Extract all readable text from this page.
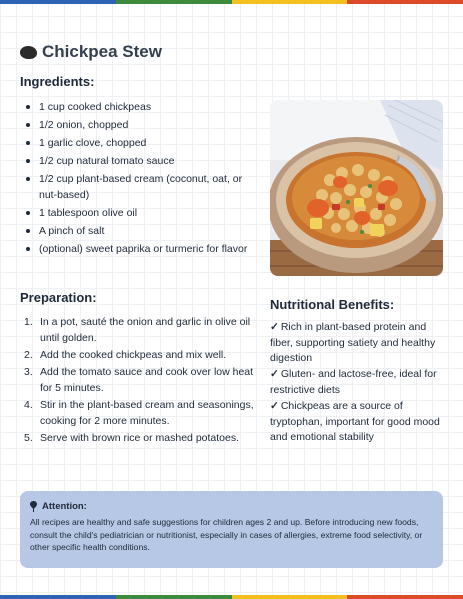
Chickpea Stew
Ingredients:
1 cup cooked chickpeas
1/2 onion, chopped
1 garlic clove, chopped
1/2 cup natural tomato sauce
1/2 cup plant-based cream (coconut, oat, or nut-based)
1 tablespoon olive oil
A pinch of salt
(optional) sweet paprika or turmeric for flavor
Preparation:
1. In a pot, sauté the onion and garlic in olive oil until golden.
2. Add the cooked chickpeas and mix well.
3. Add the tomato sauce and cook over low heat for 5 minutes.
4. Stir in the plant-based cream and seasonings, cooking for 2 more minutes.
5. Serve with brown rice or mashed potatoes.
Nutritional Benefits:

✓ Rich in plant-based protein and fiber, supporting satiety and healthy digestion

✓ Gluten- and lactose-free, ideal for restrictive diets

✓ Chickpeas are a source of tryptophan, important for good mood and emotional stability

Attention:

All recipes are healthy and safe suggestions for children ages 2 and up. Before introducing new foods, consult the child's pediatrician or nutritionist, especially in cases of allergies, extreme food selectivity, or other specific health conditions.
